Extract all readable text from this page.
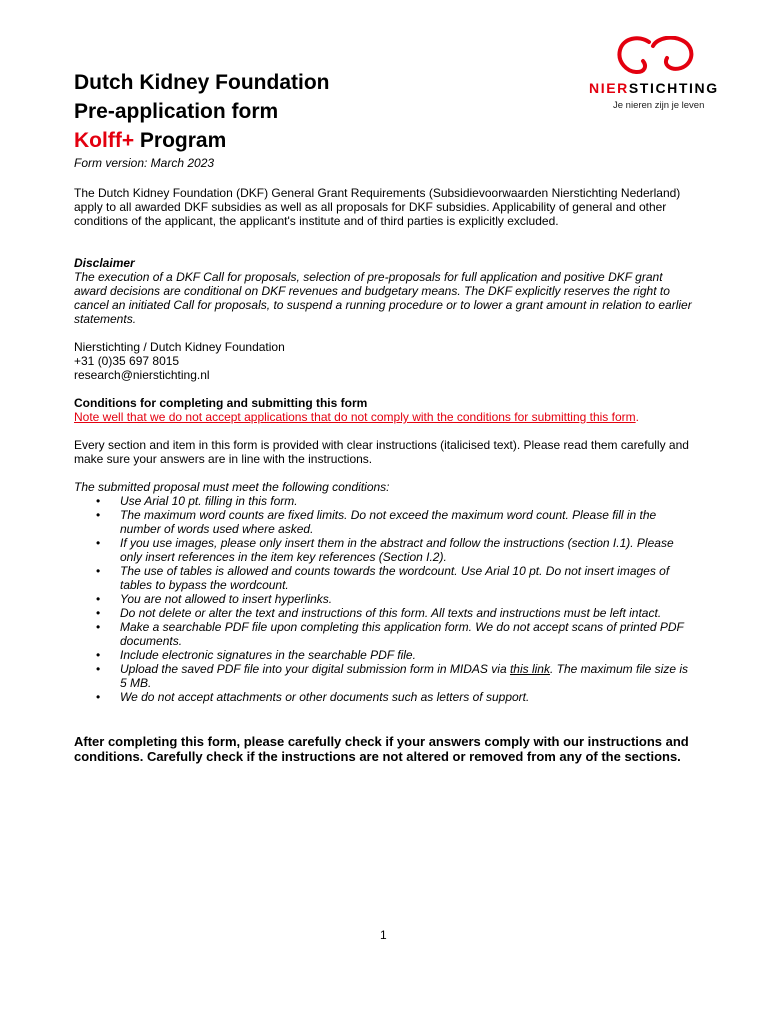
Dutch Kidney Foundation
Pre-application form
Kolff+ Program
Form version: March 2023
NIERSTICHTING
Je nieren zijn je leven

The Dutch Kidney Foundation (DKF) General Grant Requirements (Subsidievoorwaarden Nierstichting Nederland) apply to all awarded DKF subsidies as well as all proposals for DKF subsidies. Applicability of general and other conditions of the applicant, the applicant's institute and of third parties is explicitly excluded.

Disclaimer

The execution of a DKF Call for proposals, selection of pre-proposals for full application and positive DKF grant award decisions are conditional on DKF revenues and budgetary means. The DKF explicitly reserves the right to cancel an initiated Call for proposals, to suspend a running procedure or to lower a grant amount in relation to earlier statements.

Nierstichting / Dutch Kidney Foundation

+31 (0)35 697 8015

research@nierstichting.nl

Conditions for completing and submitting this form

Note well that we do not accept applications that do not comply with the conditions for submitting this form.

Every section and item in this form is provided with clear instructions (italicised text). Please read them carefully and make sure your answers are in line with the instructions.

The submitted proposal must meet the following conditions:

• Use Arial 10 pt. filling in this form.
• The maximum word counts are fixed limits. Do not exceed the maximum word count. Please fill in the number of words used where asked.
• If you use images, please only insert them in the abstract and follow the instructions (section I.1). Please only insert references in the item key references (Section I.2).
• The use of tables is allowed and counts towards the wordcount. Use Arial 10 pt. Do not insert images of tables to bypass the wordcount.
• You are not allowed to insert hyperlinks.
• Do not delete or alter the text and instructions of this form. All texts and instructions must be left intact.
• Make a searchable PDF file upon completing this application form. We do not accept scans of printed PDF documents.
• Include electronic signatures in the searchable PDF file.
• Upload the saved PDF file into your digital submission form in MIDAS via this link. The maximum file size is 5 MB.
• We do not accept attachments or other documents such as letters of support.
After completing this form, please carefully check if your answers comply with our instructions and conditions. Carefully check if the instructions are not altered or removed from any of the sections.
1
